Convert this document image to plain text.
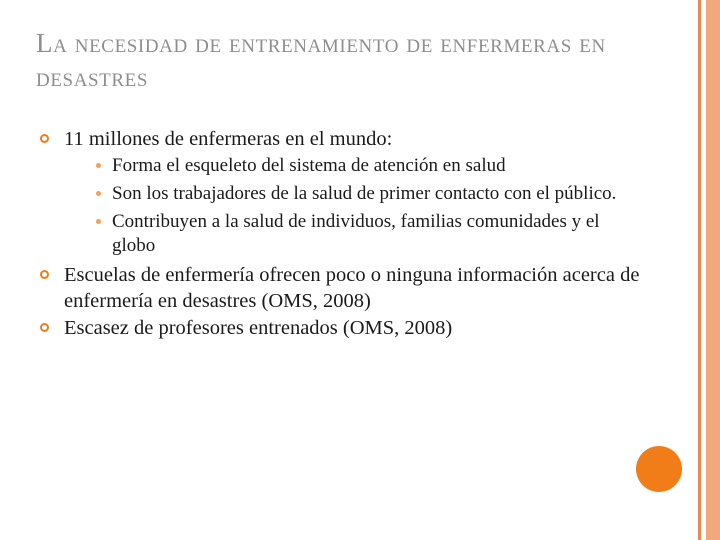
La necesidad de entrenamiento de enfermeras en desastres
11 millones de enfermeras en el mundo:
Forma el esqueleto del sistema de atención en salud
Son los trabajadores de la salud de primer contacto con el público.
Contribuyen a la salud de individuos, familias comunidades y el globo
Escuelas de enfermería ofrecen poco o ninguna información acerca de enfermería en desastres (OMS, 2008)
Escasez de profesores entrenados (OMS, 2008)
